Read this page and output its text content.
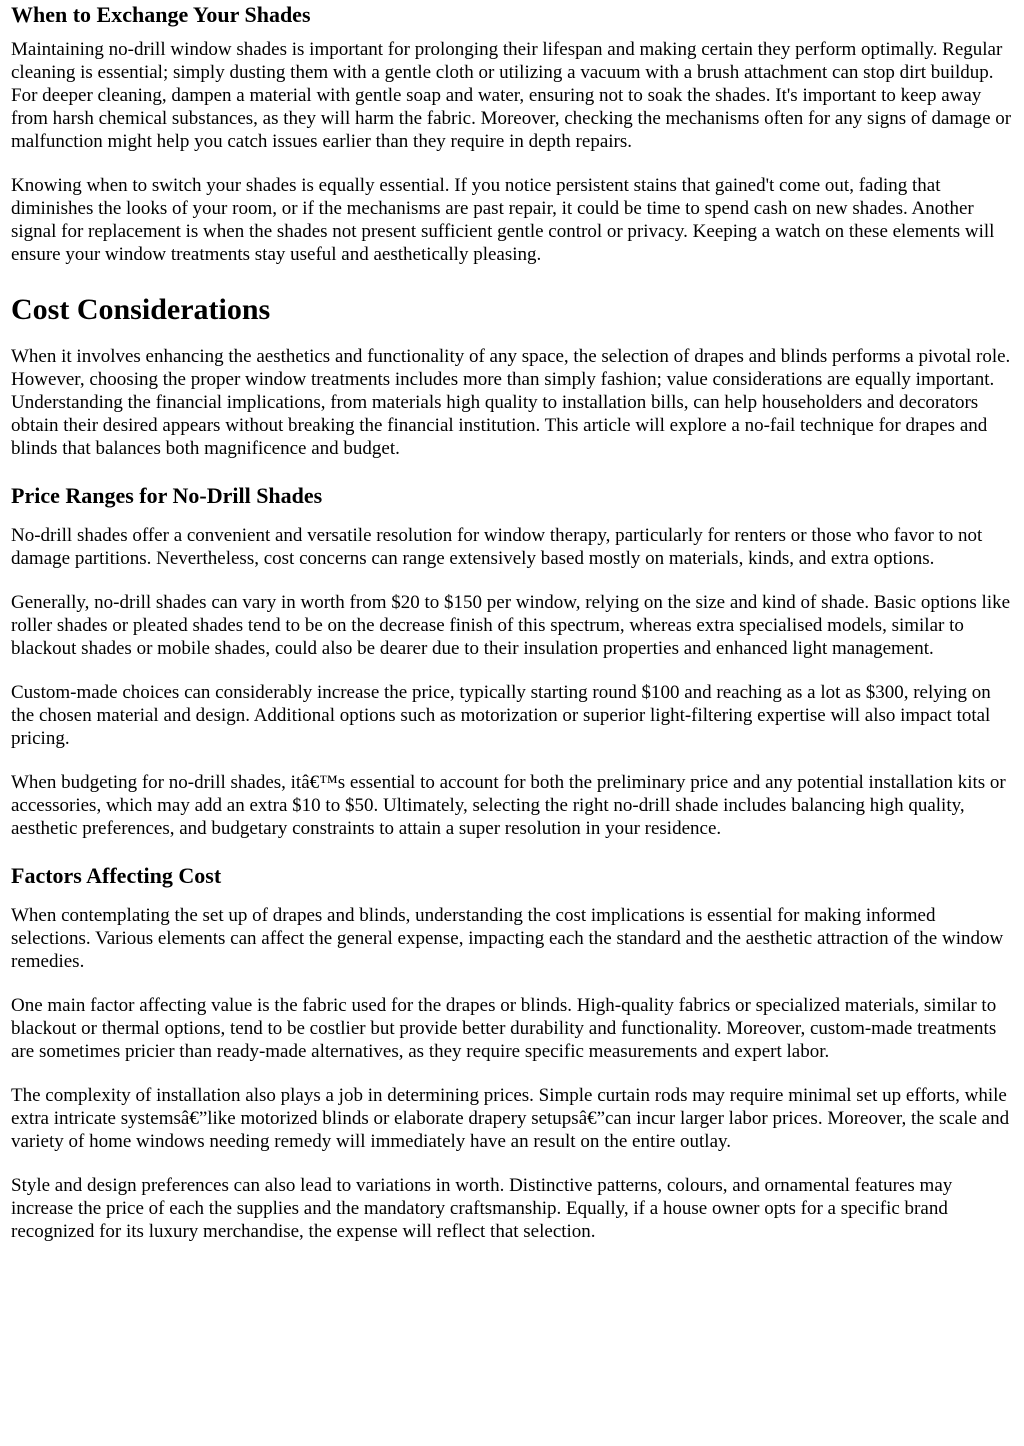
When to Exchange Your Shades

Maintaining no-drill window shades is important for prolonging their lifespan and making certain they perform optimally. Regular cleaning is essential; simply dusting them with a gentle cloth or utilizing a vacuum with a brush attachment can stop dirt buildup. For deeper cleaning, dampen a material with gentle soap and water, ensuring not to soak the shades. It's important to keep away from harsh chemical substances, as they will harm the fabric. Moreover, checking the mechanisms often for any signs of damage or malfunction might help you catch issues earlier than they require in depth repairs.

Knowing when to switch your shades is equally essential. If you notice persistent stains that gained't come out, fading that diminishes the looks of your room, or if the mechanisms are past repair, it could be time to spend cash on new shades. Another signal for replacement is when the shades not present sufficient gentle control or privacy. Keeping a watch on these elements will ensure your window treatments stay useful and aesthetically pleasing.

Cost Considerations

When it involves enhancing the aesthetics and functionality of any space, the selection of drapes and blinds performs a pivotal role. However, choosing the proper window treatments includes more than simply fashion; value considerations are equally important. Understanding the financial implications, from materials high quality to installation bills, can help householders and decorators obtain their desired appears without breaking the financial institution. This article will explore a no-fail technique for drapes and blinds that balances both magnificence and budget.

Price Ranges for No-Drill Shades

No-drill shades offer a convenient and versatile resolution for window therapy, particularly for renters or those who favor to not damage partitions. Nevertheless, cost concerns can range extensively based mostly on materials, kinds, and extra options.

Generally, no-drill shades can vary in worth from $20 to $150 per window, relying on the size and kind of shade. Basic options like roller shades or pleated shades tend to be on the decrease finish of this spectrum, whereas extra specialised models, similar to blackout shades or mobile shades, could also be dearer due to their insulation properties and enhanced light management.

Custom-made choices can considerably increase the price, typically starting round $100 and reaching as a lot as $300, relying on the chosen material and design. Additional options such as motorization or superior light-filtering expertise will also impact total pricing.

When budgeting for no-drill shades, itâ€™s essential to account for both the preliminary price and any potential installation kits or accessories, which may add an extra $10 to $50. Ultimately, selecting the right no-drill shade includes balancing high quality, aesthetic preferences, and budgetary constraints to attain a super resolution in your residence.

Factors Affecting Cost

When contemplating the set up of drapes and blinds, understanding the cost implications is essential for making informed selections. Various elements can affect the general expense, impacting each the standard and the aesthetic attraction of the window remedies.

One main factor affecting value is the fabric used for the drapes or blinds. High-quality fabrics or specialized materials, similar to blackout or thermal options, tend to be costlier but provide better durability and functionality. Moreover, custom-made treatments are sometimes pricier than ready-made alternatives, as they require specific measurements and expert labor.

The complexity of installation also plays a job in determining prices. Simple curtain rods may require minimal set up efforts, while extra intricate systemsâ€”like motorized blinds or elaborate drapery setupsâ€”can incur larger labor prices. Moreover, the scale and variety of home windows needing remedy will immediately have an result on the entire outlay.

Style and design preferences can also lead to variations in worth. Distinctive patterns, colours, and ornamental features may increase the price of each the supplies and the mandatory craftsmanship. Equally, if a house owner opts for a specific brand recognized for its luxury merchandise, the expense will reflect that selection.
